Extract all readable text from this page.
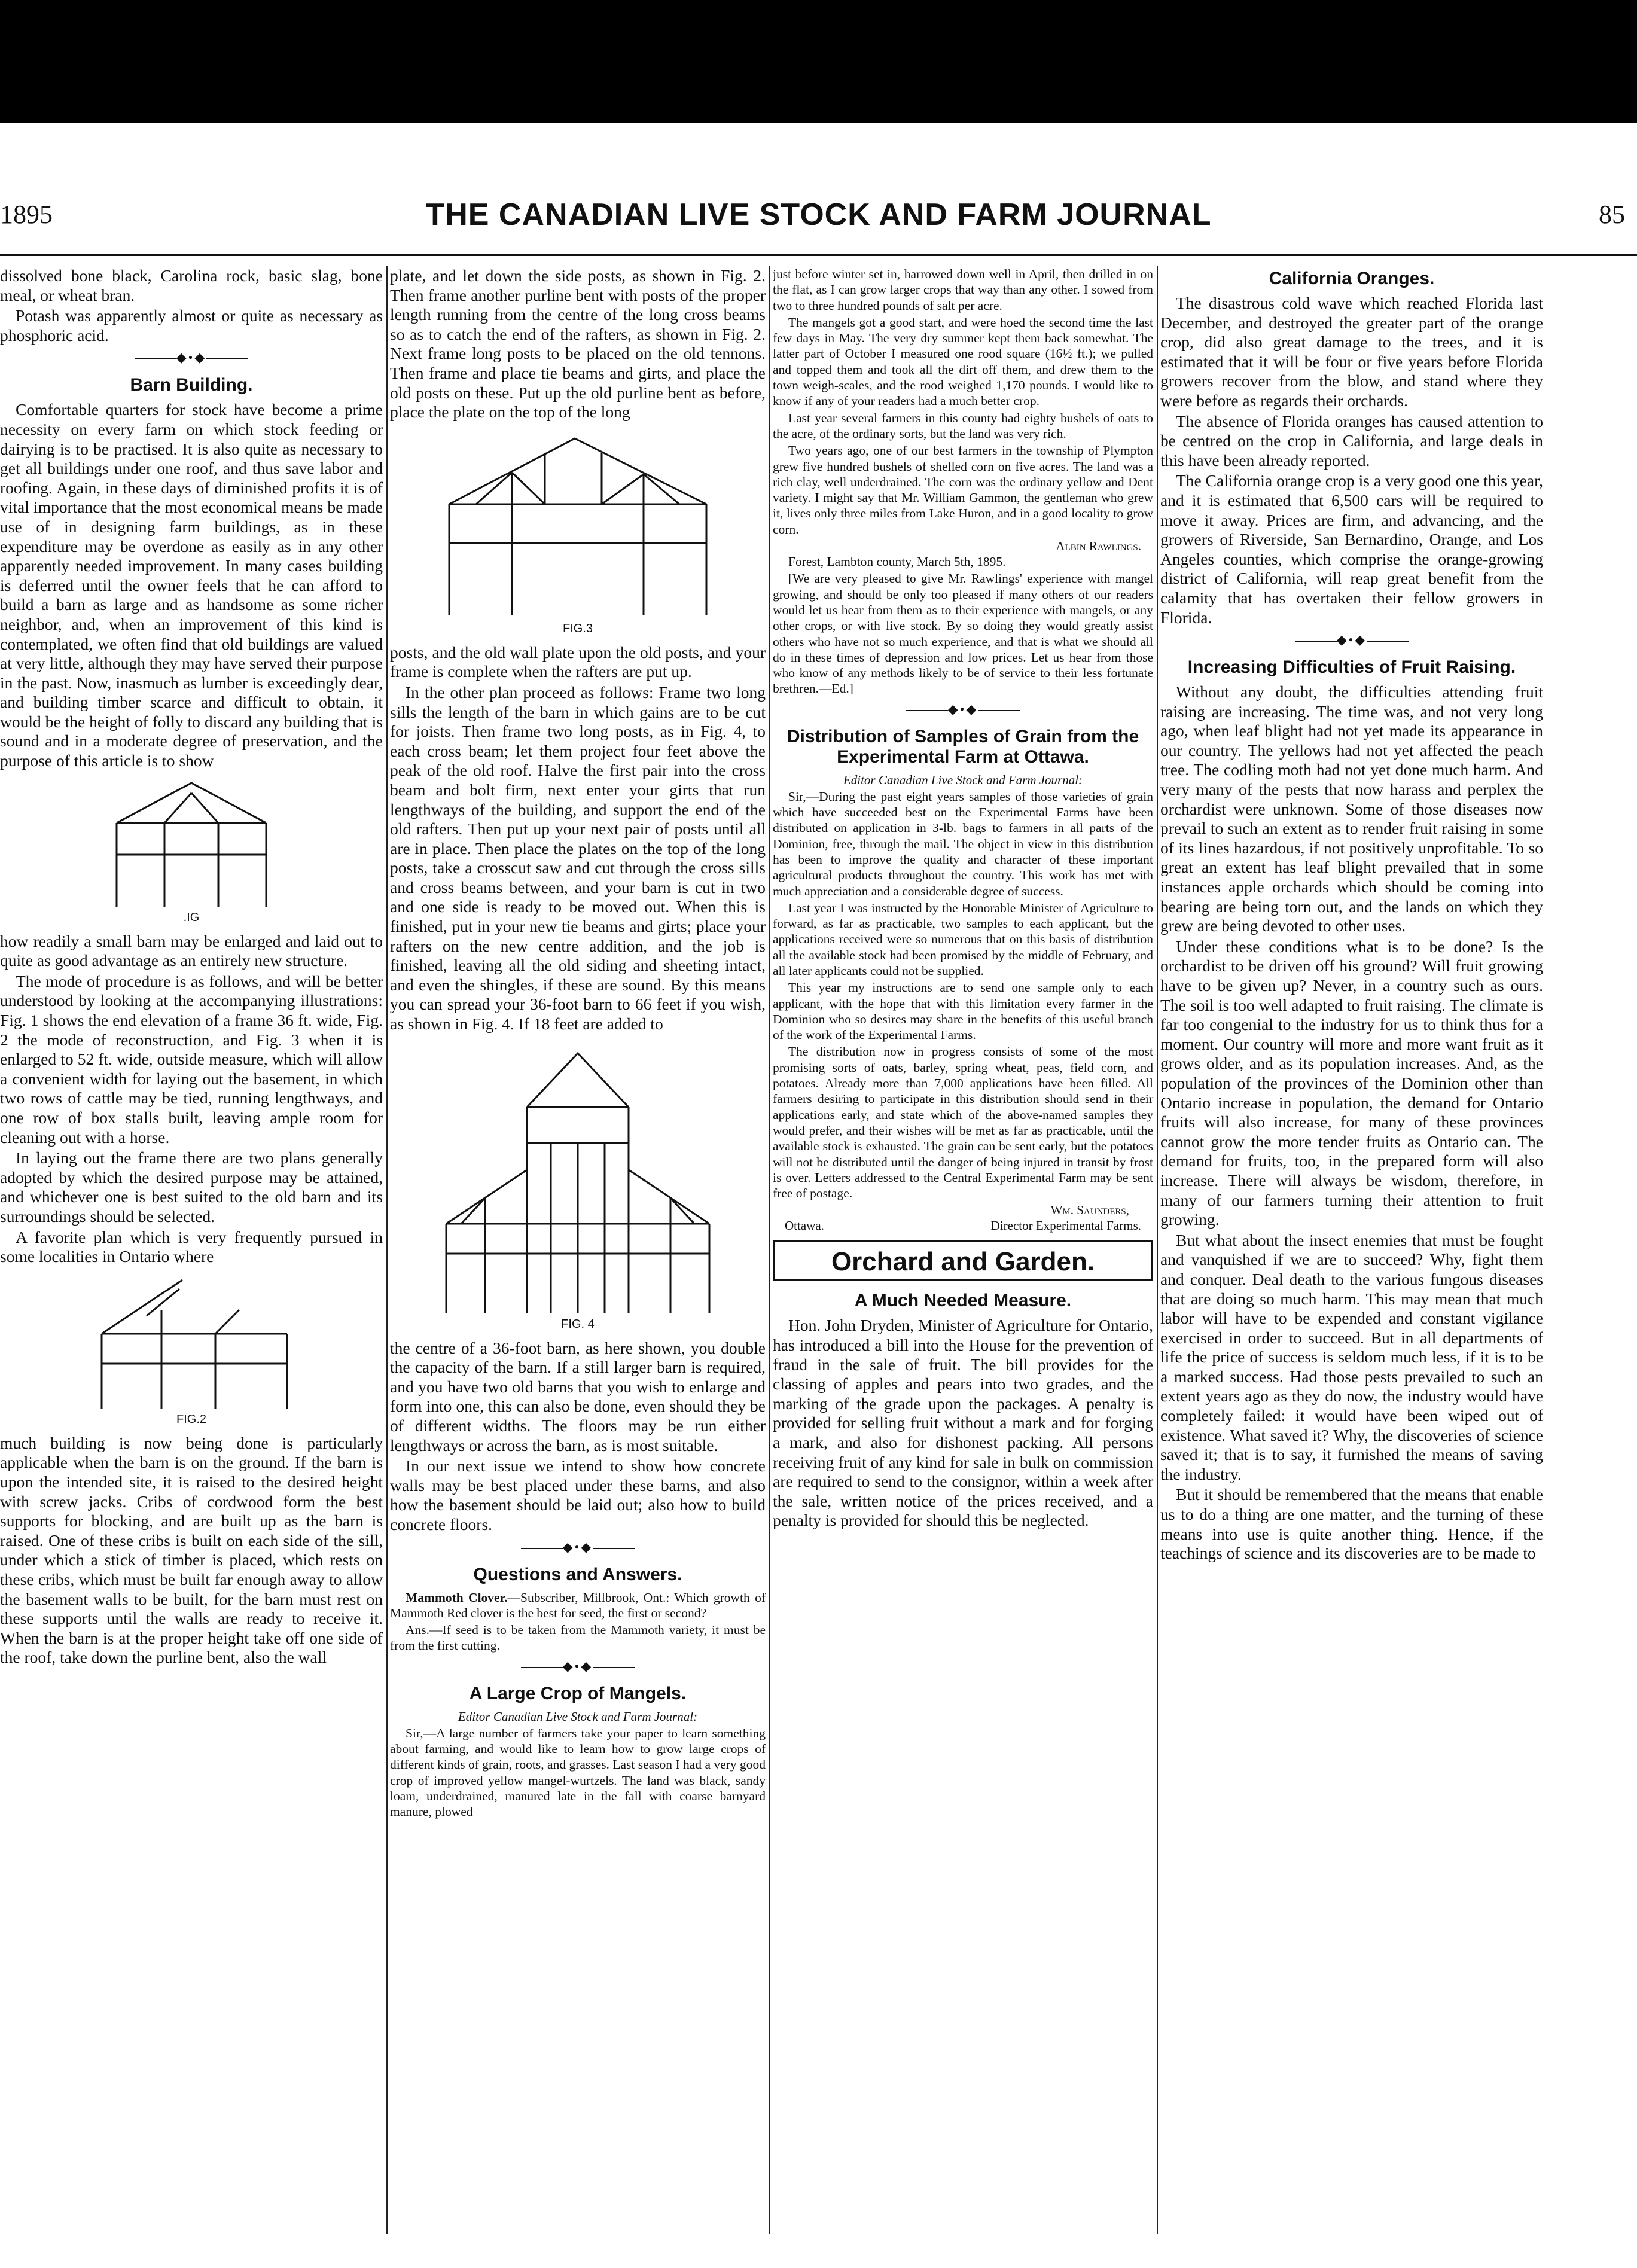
1895	THE CANADIAN LIVE STOCK AND FARM JOURNAL	85

dissolved bone black, Carolina rock, basic slag, bone meal, or wheat bran.

Potash was apparently almost or quite as necessary as phosphoric acid.

◆•◆
Barn Building.

Comfortable quarters for stock have become a prime necessity on every farm on which stock feeding or dairying is to be practised. It is also quite as necessary to get all buildings under one roof, and thus save labor and roofing. Again, in these days of diminished profits it is of vital importance that the most economical means be made use of in designing farm buildings, as in these expenditure may be overdone as easily as in any other apparently needed improvement. In many cases building is deferred until the owner feels that he can afford to build a barn as large and as handsome as some richer neighbor, and, when an improvement of this kind is contemplated, we often find that old buildings are valued at very little, although they may have served their purpose in the past. Now, inasmuch as lumber is exceedingly dear, and building timber scarce and difficult to obtain, it would be the height of folly to discard any building that is sound and in a moderate degree of preservation, and the purpose of this article is to show

.IG

how readily a small barn may be enlarged and laid out to quite as good advantage as an entirely new structure.

The mode of procedure is as follows, and will be better understood by looking at the accompanying illustrations: Fig. 1 shows the end elevation of a frame 36 ft. wide, Fig. 2 the mode of reconstruction, and Fig. 3 when it is enlarged to 52 ft. wide, outside measure, which will allow a convenient width for laying out the basement, in which two rows of cattle may be tied, running lengthways, and one row of box stalls built, leaving ample room for cleaning out with a horse.

In laying out the frame there are two plans generally adopted by which the desired purpose may be attained, and whichever one is best suited to the old barn and its surroundings should be selected.

A favorite plan which is very frequently pursued in some localities in Ontario where

FIG.2

much building is now being done is particularly applicable when the barn is on the ground. If the barn is upon the intended site, it is raised to the desired height with screw jacks. Cribs of cordwood form the best supports for blocking, and are built up as the barn is raised. One of these cribs is built on each side of the sill, under which a stick of timber is placed, which rests on these cribs, which must be built far enough away to allow the basement walls to be built, for the barn must rest on these supports until the walls are ready to receive it. When the barn is at the proper height take off one side of the roof, take down the purline bent, also the wall

plate, and let down the side posts, as shown in Fig. 2. Then frame another purline bent with posts of the proper length running from the centre of the long cross beams so as to catch the end of the rafters, as shown in Fig. 2. Next frame long posts to be placed on the old tennons. Then frame and place tie beams and girts, and place the old posts on these. Put up the old purline bent as before, place the plate on the top of the long

FIG.3

posts, and the old wall plate upon the old posts, and your frame is complete when the rafters are put up.

In the other plan proceed as follows: Frame two long sills the length of the barn in which gains are to be cut for joists. Then frame two long posts, as in Fig. 4, to each cross beam; let them project four feet above the peak of the old roof. Halve the first pair into the cross beam and bolt firm, next enter your girts that run lengthways of the building, and support the end of the old rafters. Then put up your next pair of posts until all are in place. Then place the plates on the top of the long posts, take a crosscut saw and cut through the cross sills and cross beams between, and your barn is cut in two and one side is ready to be moved out. When this is finished, put in your new tie beams and girts; place your rafters on the new centre addition, and the job is finished, leaving all the old siding and sheeting intact, and even the shingles, if these are sound. By this means you can spread your 36-foot barn to 66 feet if you wish, as shown in Fig. 4. If 18 feet are added to

FIG. 4

the centre of a 36-foot barn, as here shown, you double the capacity of the barn. If a still larger barn is required, and you have two old barns that you wish to enlarge and form into one, this can also be done, even should they be of different widths. The floors may be run either lengthways or across the barn, as is most suitable.

In our next issue we intend to show how concrete walls may be best placed under these barns, and also how the basement should be laid out; also how to build concrete floors.

◆•◆
Questions and Answers.

Mammoth Clover.—Subscriber, Millbrook, Ont.: Which growth of Mammoth Red clover is the best for seed, the first or second?

Ans.—If seed is to be taken from the Mammoth variety, it must be from the first cutting.

◆•◆
A Large Crop of Mangels.
Editor Canadian Live Stock and Farm Journal:

Sir,—A large number of farmers take your paper to learn something about farming, and would like to learn how to grow large crops of different kinds of grain, roots, and grasses. Last season I had a very good crop of improved yellow mangel-wurtzels. The land was black, sandy loam, underdrained, manured late in the fall with coarse barnyard manure, plowed

just before winter set in, harrowed down well in April, then drilled in on the flat, as I can grow larger crops that way than any other. I sowed from two to three hundred pounds of salt per acre.

The mangels got a good start, and were hoed the second time the last few days in May. The very dry summer kept them back somewhat. The latter part of October I measured one rood square (16½ ft.); we pulled and topped them and took all the dirt off them, and drew them to the town weigh-scales, and the rood weighed 1,170 pounds. I would like to know if any of your readers had a much better crop.

Last year several farmers in this county had eighty bushels of oats to the acre, of the ordinary sorts, but the land was very rich.

Two years ago, one of our best farmers in the township of Plympton grew five hundred bushels of shelled corn on five acres. The land was a rich clay, well underdrained. The corn was the ordinary yellow and Dent variety. I might say that Mr. William Gammon, the gentleman who grew it, lives only three miles from Lake Huron, and in a good locality to grow corn.

Albin Rawlings.

Forest, Lambton county, March 5th, 1895.

[We are very pleased to give Mr. Rawlings' experience with mangel growing, and should be only too pleased if many others of our readers would let us hear from them as to their experience with mangels, or any other crops, or with live stock. By so doing they would greatly assist others who have not so much experience, and that is what we should all do in these times of depression and low prices. Let us hear from those who know of any methods likely to be of service to their less fortunate brethren.—Ed.]

◆•◆
Distribution of Samples of Grain from the Experimental Farm at Ottawa.
Editor Canadian Live Stock and Farm Journal:

Sir,—During the past eight years samples of those varieties of grain which have succeeded best on the Experimental Farms have been distributed on application in 3-lb. bags to farmers in all parts of the Dominion, free, through the mail. The object in view in this distribution has been to improve the quality and character of these important agricultural products throughout the country. This work has met with much appreciation and a considerable degree of success.

Last year I was instructed by the Honorable Minister of Agriculture to forward, as far as practicable, two samples to each applicant, but the applications received were so numerous that on this basis of distribution all the available stock had been promised by the middle of February, and all later applicants could not be supplied.

This year my instructions are to send one sample only to each applicant, with the hope that with this limitation every farmer in the Dominion who so desires may share in the benefits of this useful branch of the work of the Experimental Farms.

The distribution now in progress consists of some of the most promising sorts of oats, barley, spring wheat, peas, field corn, and potatoes. Already more than 7,000 applications have been filled. All farmers desiring to participate in this distribution should send in their applications early, and state which of the above-named samples they would prefer, and their wishes will be met as far as practicable, until the available stock is exhausted. The grain can be sent early, but the potatoes will not be distributed until the danger of being injured in transit by frost is over. Letters addressed to the Central Experimental Farm may be sent free of postage.

Wm. Saunders,
Ottawa.	Director Experimental Farms.
Orchard and Garden.
A Much Needed Measure.

Hon. John Dryden, Minister of Agriculture for Ontario, has introduced a bill into the House for the prevention of fraud in the sale of fruit. The bill provides for the classing of apples and pears into two grades, and the marking of the grade upon the packages. A penalty is provided for selling fruit without a mark and for forging a mark, and also for dishonest packing. All persons receiving fruit of any kind for sale in bulk on commission are required to send to the consignor, within a week after the sale, written notice of the prices received, and a penalty is provided for should this be neglected.

California Oranges.

The disastrous cold wave which reached Florida last December, and destroyed the greater part of the orange crop, did also great damage to the trees, and it is estimated that it will be four or five years before Florida growers recover from the blow, and stand where they were before as regards their orchards.

The absence of Florida oranges has caused attention to be centred on the crop in California, and large deals in this have been already reported.

The California orange crop is a very good one this year, and it is estimated that 6,500 cars will be required to move it away. Prices are firm, and advancing, and the growers of Riverside, San Bernardino, Orange, and Los Angeles counties, which comprise the orange-growing district of California, will reap great benefit from the calamity that has overtaken their fellow growers in Florida.

◆•◆
Increasing Difficulties of Fruit Raising.

Without any doubt, the difficulties attending fruit raising are increasing. The time was, and not very long ago, when leaf blight had not yet made its appearance in our country. The yellows had not yet affected the peach tree. The codling moth had not yet done much harm. And very many of the pests that now harass and perplex the orchardist were unknown. Some of those diseases now prevail to such an extent as to render fruit raising in some of its lines hazardous, if not positively unprofitable. To so great an extent has leaf blight prevailed that in some instances apple orchards which should be coming into bearing are being torn out, and the lands on which they grew are being devoted to other uses.

Under these conditions what is to be done? Is the orchardist to be driven off his ground? Will fruit growing have to be given up? Never, in a country such as ours. The soil is too well adapted to fruit raising. The climate is far too congenial to the industry for us to think thus for a moment. Our country will more and more want fruit as it grows older, and as its population increases. And, as the population of the provinces of the Dominion other than Ontario increase in population, the demand for Ontario fruits will also increase, for many of these provinces cannot grow the more tender fruits as Ontario can. The demand for fruits, too, in the prepared form will also increase. There will always be wisdom, therefore, in many of our farmers turning their attention to fruit growing.

But what about the insect enemies that must be fought and vanquished if we are to succeed? Why, fight them and conquer. Deal death to the various fungous diseases that are doing so much harm. This may mean that much labor will have to be expended and constant vigilance exercised in order to succeed. But in all departments of life the price of success is seldom much less, if it is to be a marked success. Had those pests prevailed to such an extent years ago as they do now, the industry would have completely failed: it would have been wiped out of existence. What saved it? Why, the discoveries of science saved it; that is to say, it furnished the means of saving the industry.

But it should be remembered that the means that enable us to do a thing are one matter, and the turning of these means into use is quite another thing. Hence, if the teachings of science and its discoveries are to be made to
